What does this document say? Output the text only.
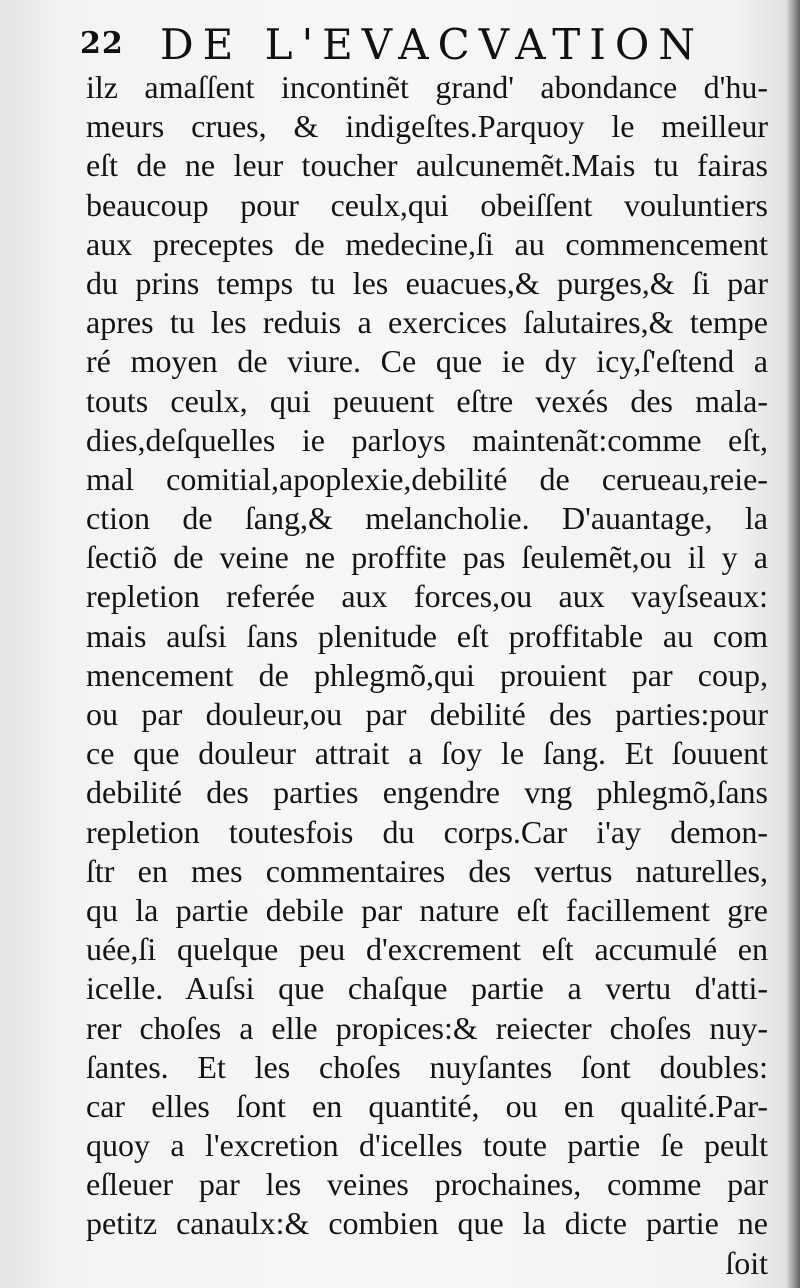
22 DE L'EVACVATION
ilz amaſſent incontinẽt grand' abondance d'hu-
meurs crues, & indigeſtes.Parquoy le meilleur
eſt de ne leur toucher aulcunemẽt.Mais tu fairas
beaucoup pour ceulx,qui obeiſſent vouluntiers
aux preceptes de medecine,ſi au commencement
du prins temps tu les euacues,& purges,& ſi par
apres tu les reduis a exercices ſalutaires,& tempe
ré moyen de viure. Ce que ie dy icy,ſ'eſtend a
touts ceulx, qui peuuent eſtre vexés des mala-
dies,deſquelles ie parloys maintenãt:comme eſt,
mal comitial,apoplexie,debilité de cerueau,reie-
ction de ſang,& melancholie. D'auantage, la
ſectiõ de veine ne proffite pas ſeulemẽt,ou il y a
repletion referée aux forces,ou aux vayſseaux:
mais auſsi ſans plenitude eſt proffitable au com
mencement de phlegmõ,qui prouient par coup,
ou par douleur,ou par debilité des parties:pour
ce que douleur attrait a ſoy le ſang. Et ſouuent
debilité des parties engendre vng phlegmõ,ſans
repletion toutesfois du corps.Car i'ay demon-
ſtr en mes commentaires des vertus naturelles,
qu la partie debile par nature eſt facillement gre
uée,ſi quelque peu d'excrement eſt accumulé en
icelle. Auſsi que chaſque partie a vertu d'atti-
rer choſes a elle propices:& reiecter choſes nuy-
ſantes. Et les choſes nuyſantes ſont doubles:
car elles ſont en quantité, ou en qualité.Par-
quoy a l'excretion d'icelles toute partie ſe peult
eſleuer par les veines prochaines, comme par
petitz canaulx:& combien que la dicte partie ne
ſoit
